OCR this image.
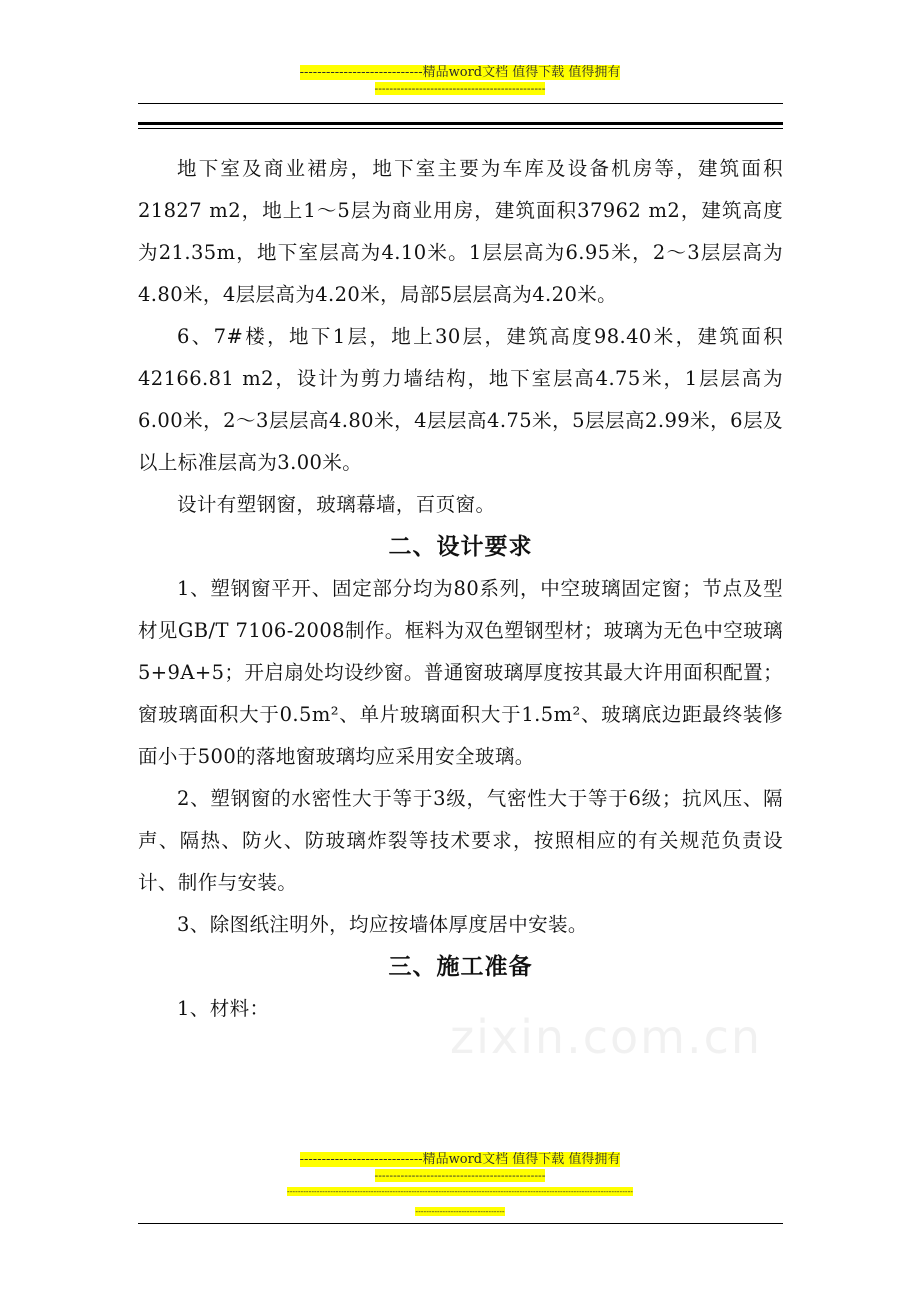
----------------------------精品word文档 值得下载 值得拥有
----------------------------------------------

地下室及商业裙房，地下室主要为车库及设备机房等，建筑面积21827 m2，地上1～5层为商业用房，建筑面积37962 m2，建筑高度为21.35m，地下室层高为4.10米。1层层高为6.95米，2～3层层高为4.80米，4层层高为4.20米，局部5层层高为4.20米。

6、7#楼，地下1层，地上30层，建筑高度98.40米，建筑面积42166.81 m2，设计为剪力墙结构，地下室层高4.75米，1层层高为6.00米，2～3层层高4.80米，4层层高4.75米，5层层高2.99米，6层及以上标准层高为3.00米。

设计有塑钢窗，玻璃幕墙，百页窗。

二、设计要求

1、塑钢窗平开、固定部分均为80系列，中空玻璃固定窗；节点及型材见GB/T 7106-2008制作。框料为双色塑钢型材；玻璃为无色中空玻璃5+9A+5；开启扇处均设纱窗。普通窗玻璃厚度按其最大许用面积配置；窗玻璃面积大于0.5m²、单片玻璃面积大于1.5m²、玻璃底边距最终装修面小于500的落地窗玻璃均应采用安全玻璃。

2、塑钢窗的水密性大于等于3级，气密性大于等于6级；抗风压、隔声、隔热、防火、防玻璃炸裂等技术要求，按照相应的有关规范负责设计、制作与安装。

3、除图纸注明外，均应按墙体厚度居中安装。

三、施工准备

1、材料：

zixin.com.cn
----------------------------精品word文档 值得下载 值得拥有
----------------------------------------------
--------------------------------------------------------------------------------------------------------------------------------
---------------------------------
